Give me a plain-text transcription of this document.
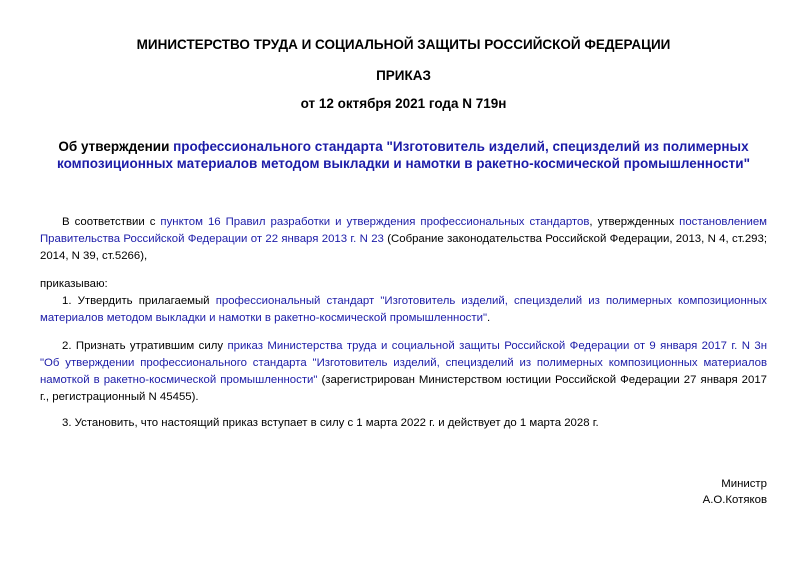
МИНИСТЕРСТВО ТРУДА И СОЦИАЛЬНОЙ ЗАЩИТЫ РОССИЙСКОЙ ФЕДЕРАЦИИ
ПРИКАЗ
от 12 октября 2021 года N 719н
Об утверждении профессионального стандарта "Изготовитель изделий, специзделий из полимерных композиционных материалов методом выкладки и намотки в ракетно-космической промышленности"
В соответствии с пунктом 16 Правил разработки и утверждения профессиональных стандартов, утвержденных постановлением Правительства Российской Федерации от 22 января 2013 г. N 23 (Собрание законодательства Российской Федерации, 2013, N 4, ст.293; 2014, N 39, ст.5266),
приказываю:
1. Утвердить прилагаемый профессиональный стандарт "Изготовитель изделий, специзделий из полимерных композиционных материалов методом выкладки и намотки в ракетно-космической промышленности".
2. Признать утратившим силу приказ Министерства труда и социальной защиты Российской Федерации от 9 января 2017 г. N 3н "Об утверждении профессионального стандарта "Изготовитель изделий, специзделий из полимерных композиционных материалов намоткой в ракетно-космической промышленности" (зарегистрирован Министерством юстиции Российской Федерации 27 января 2017 г., регистрационный N 45455).
3. Установить, что настоящий приказ вступает в силу с 1 марта 2022 г. и действует до 1 марта 2028 г.
Министр
А.О.Котяков
